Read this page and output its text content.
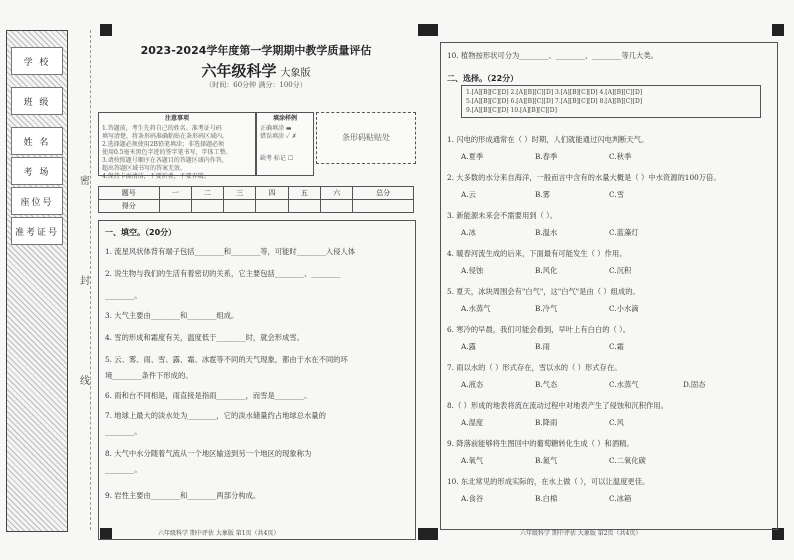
学 校
班 级
姓 名
考 场
座位号
准考证号
密
封
线
2023-2024学年度第一学期期中教学质量评估
六年级科学 大象版
（时间：60分钟 满分：100分）
注意事项
1.答题前，考生先将自己的姓名、准考证号码
填写清楚，将条形码准确粘贴在条形码区域内。
2.选择题必须使用2B铅笔填涂；非选择题必须
使用0.5毫米黑色字迹的签字笔书写，字体工整。
3.请按照题号顺序在各题目的答题区域内作答，
超出答题区域书写的答案无效。
4.保持卡面清洁，不要折叠，不要弄破。
填涂样例
正确填涂 ▬
错误填涂 ✓ ✗
缺考 标记 ☐
条形码粘贴处
题号	一	二	三	四	五	六	总分
得分							
一、填空。（20分）
1. 流星风状体背有端子包括________和________等，可能时________入侵人体
2. 说生物与我们的生活有着密切的关系，它主要包括________、________
________。
3. 大气主要由________和________组成。
4. 雪的形成和霜度有关，温度低于________时，就会形成雪。
5. 云、雾、雨、雪、露、霜、冰雹等不同的天气现象，都由于水在不同的环
境________条件下形成的。
6. 雨和台不同相是，雨直接是指雨________，而雪是________。
7. 地球上最大的淡水处为________，它的淡水储量约占地球总水量的
________。
8. 大气中水分随着气流从一个地区输送到另一个地区的现象称为
________。
9. 岩性主要由________和________两部分构成。
六年级科学 期中评估 大象版 第1页（共4页）
10. 植物按形状可分为________、________、________等几大类。
二、选择。（22分）
1.[A][B][C][D] 2.[A][B][C][D] 3.[A][B][C][D] 4.[A][B][C][D]
5.[A][B][C][D] 6.[A][B][C][D] 7.[A][B][C][D] 8.[A][B][C][D]
9.[A][B][C][D] 10.[A][B][C][D]
1. 闪电的形成通常在（ ）时期，人们就能通过闪电判断天气。
A.夏季	B.春季	C.秋季
2. 大多数的水分来自海洋，一般而言中含有的水量大概是（ ）中水资源的100万倍。
A.云	B.雾	C.雪
3. 新能源未来会不需要用到（ ）。
A.冰	B.温水	C.蓝藻灯
4. 暖春河流生成的后来，下面最有可能发生（ ）作用。
A.侵蚀	B.风化	C.沉积
5. 夏天，冰块周围会有"白气"，这"白气"是由（ ）组成的。
A.水蒸气	B.冷气	C.小水滴
6. 寒冷的早晨，我们可能会看到，早叶上有白白的（ ）。
A.露	B.雨	C.霜
7. 雨以水的（ ）形式存在，雪以水的（ ）形式存在。
A.液态	B.气态	C.水蒸气	D.固态
8.（ ）形成的地表将流在流动过程中对地表产生了侵蚀和沉积作用。
A.湿度	B.降雨	C.风
9. 降落前能够将生图回中的葡萄糖转化生成（ ）和酒精。
A.氧气	B.氮气	C.二氧化碳
10. 东北常见的形成实际的，在水上做（ ），可以让温度更佳。
A.食谷	B.白棉	C.冰箱
六年级科学 期中评估 大象版 第2页（共4页）
